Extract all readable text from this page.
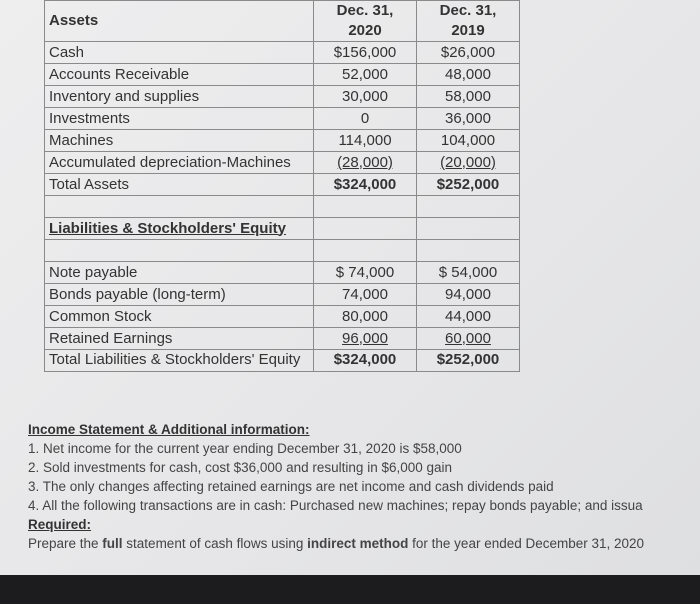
Assets	Dec. 31, 2020	Dec. 31, 2019
Cash	$156,000	$26,000
Accounts Receivable	52,000	48,000
Inventory and supplies	30,000	58,000
Investments	0	36,000
Machines	114,000	104,000
Accumulated depreciation-Machines	(28,000)	(20,000)
Total Assets	$324,000	$252,000

Liabilities & Stockholders' Equity		

Note payable	$ 74,000	$ 54,000
Bonds payable (long-term)	74,000	94,000
Common Stock	80,000	44,000
Retained Earnings	96,000	60,000
Total Liabilities & Stockholders' Equity	$324,000	$252,000
Income Statement & Additional information:
1. Net income for the current year ending December 31, 2020 is $58,000
2. Sold investments for cash, cost $36,000 and resulting in $6,000 gain
3. The only changes affecting retained earnings are net income and cash dividends paid
4. All the following transactions are in cash: Purchased new machines; repay bonds payable; and issua
Required:
Prepare the full statement of cash flows using indirect method for the year ended December 31, 2020
